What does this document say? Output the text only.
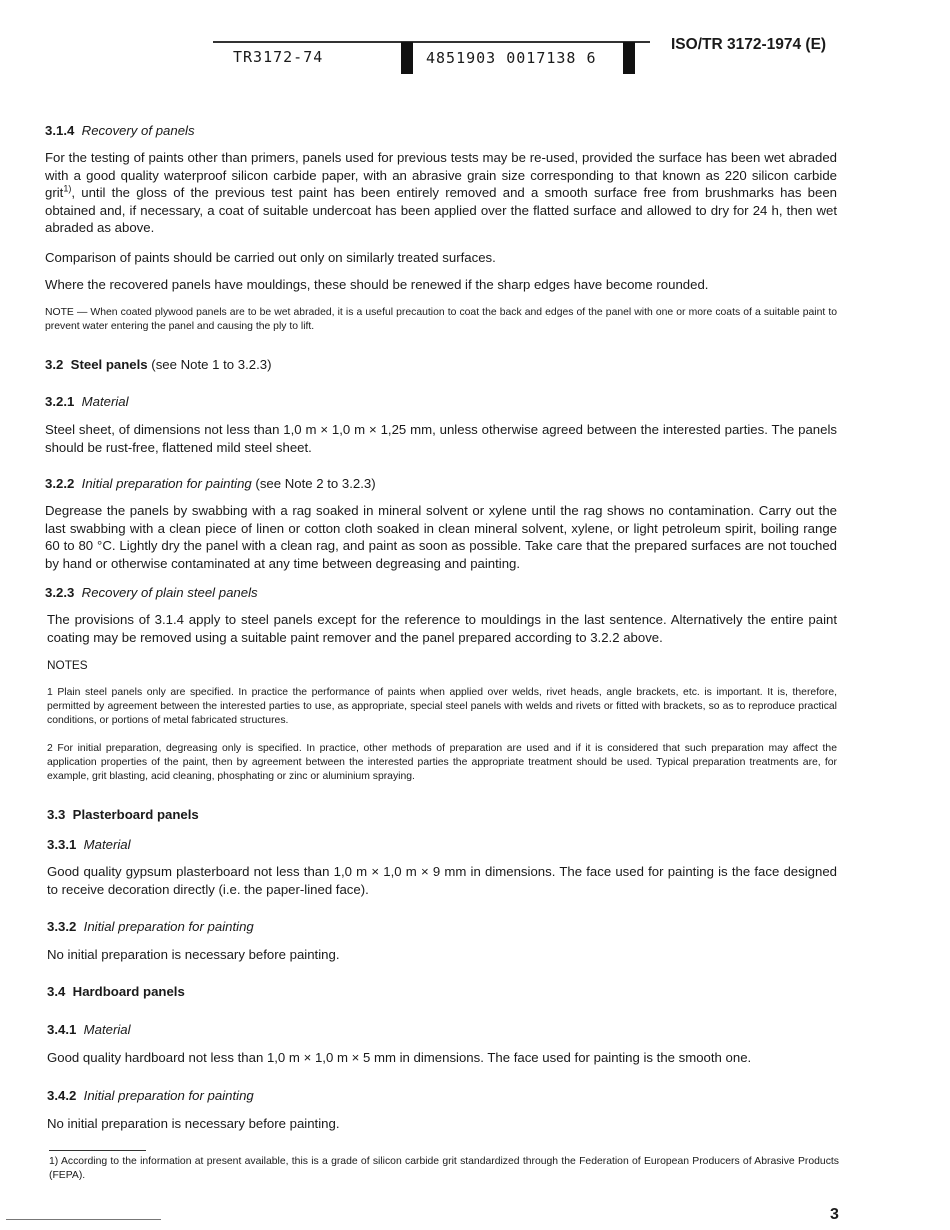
TR3172-74	4851903 0017138 6
ISO/TR 3172-1974 (E)
3.1.4 Recovery of panels

For the testing of paints other than primers, panels used for previous tests may be re-used, provided the surface has been wet abraded with a good quality waterproof silicon carbide paper, with an abrasive grain size corresponding to that known as 220 silicon carbide grit$^{1)}$, until the gloss of the previous test paint has been entirely removed and a smooth surface free from brushmarks has been obtained and, if necessary, a coat of suitable undercoat has been applied over the flatted surface and allowed to dry for 24 h, then wet abraded as above.

Comparison of paints should be carried out only on similarly treated surfaces.

Where the recovered panels have mouldings, these should be renewed if the sharp edges have become rounded.

NOTE — When coated plywood panels are to be wet abraded, it is a useful precaution to coat the back and edges of the panel with one or more coats of a suitable paint to prevent water entering the panel and causing the ply to lift.

3.2 Steel panels (see Note 1 to 3.2.3)
3.2.1 Material

Steel sheet, of dimensions not less than 1,0 m × 1,0 m × 1,25 mm, unless otherwise agreed between the interested parties. The panels should be rust-free, flattened mild steel sheet.

3.2.2 Initial preparation for painting (see Note 2 to 3.2.3)

Degrease the panels by swabbing with a rag soaked in mineral solvent or xylene until the rag shows no contamination. Carry out the last swabbing with a clean piece of linen or cotton cloth soaked in clean mineral solvent, xylene, or light petroleum spirit, boiling range 60 to 80 °C. Lightly dry the panel with a clean rag, and paint as soon as possible. Take care that the prepared surfaces are not touched by hand or otherwise contaminated at any time between degreasing and painting.

3.2.3 Recovery of plain steel panels

The provisions of 3.1.4 apply to steel panels except for the reference to mouldings in the last sentence. Alternatively the entire paint coating may be removed using a suitable paint remover and the panel prepared according to 3.2.2 above.

NOTES

1 Plain steel panels only are specified. In practice the performance of paints when applied over welds, rivet heads, angle brackets, etc. is important. It is, therefore, permitted by agreement between the interested parties to use, as appropriate, special steel panels with welds and rivets or fitted with brackets, so as to reproduce practical conditions, or portions of metal fabricated structures.

2 For initial preparation, degreasing only is specified. In practice, other methods of preparation are used and if it is considered that such preparation may affect the application properties of the paint, then by agreement between the interested parties the appropriate treatment should be used. Typical preparation treatments are, for example, grit blasting, acid cleaning, phosphating or zinc or aluminium spraying.

3.3 Plasterboard panels
3.3.1 Material

Good quality gypsum plasterboard not less than 1,0 m × 1,0 m × 9 mm in dimensions. The face used for painting is the face designed to receive decoration directly (i.e. the paper-lined face).

3.3.2 Initial preparation for painting

No initial preparation is necessary before painting.

3.4 Hardboard panels
3.4.1 Material

Good quality hardboard not less than 1,0 m × 1,0 m × 5 mm in dimensions. The face used for painting is the smooth one.

3.4.2 Initial preparation for painting

No initial preparation is necessary before painting.

1) According to the information at present available, this is a grade of silicon carbide grit standardized through the Federation of European Producers of Abrasive Products (FEPA).

3
